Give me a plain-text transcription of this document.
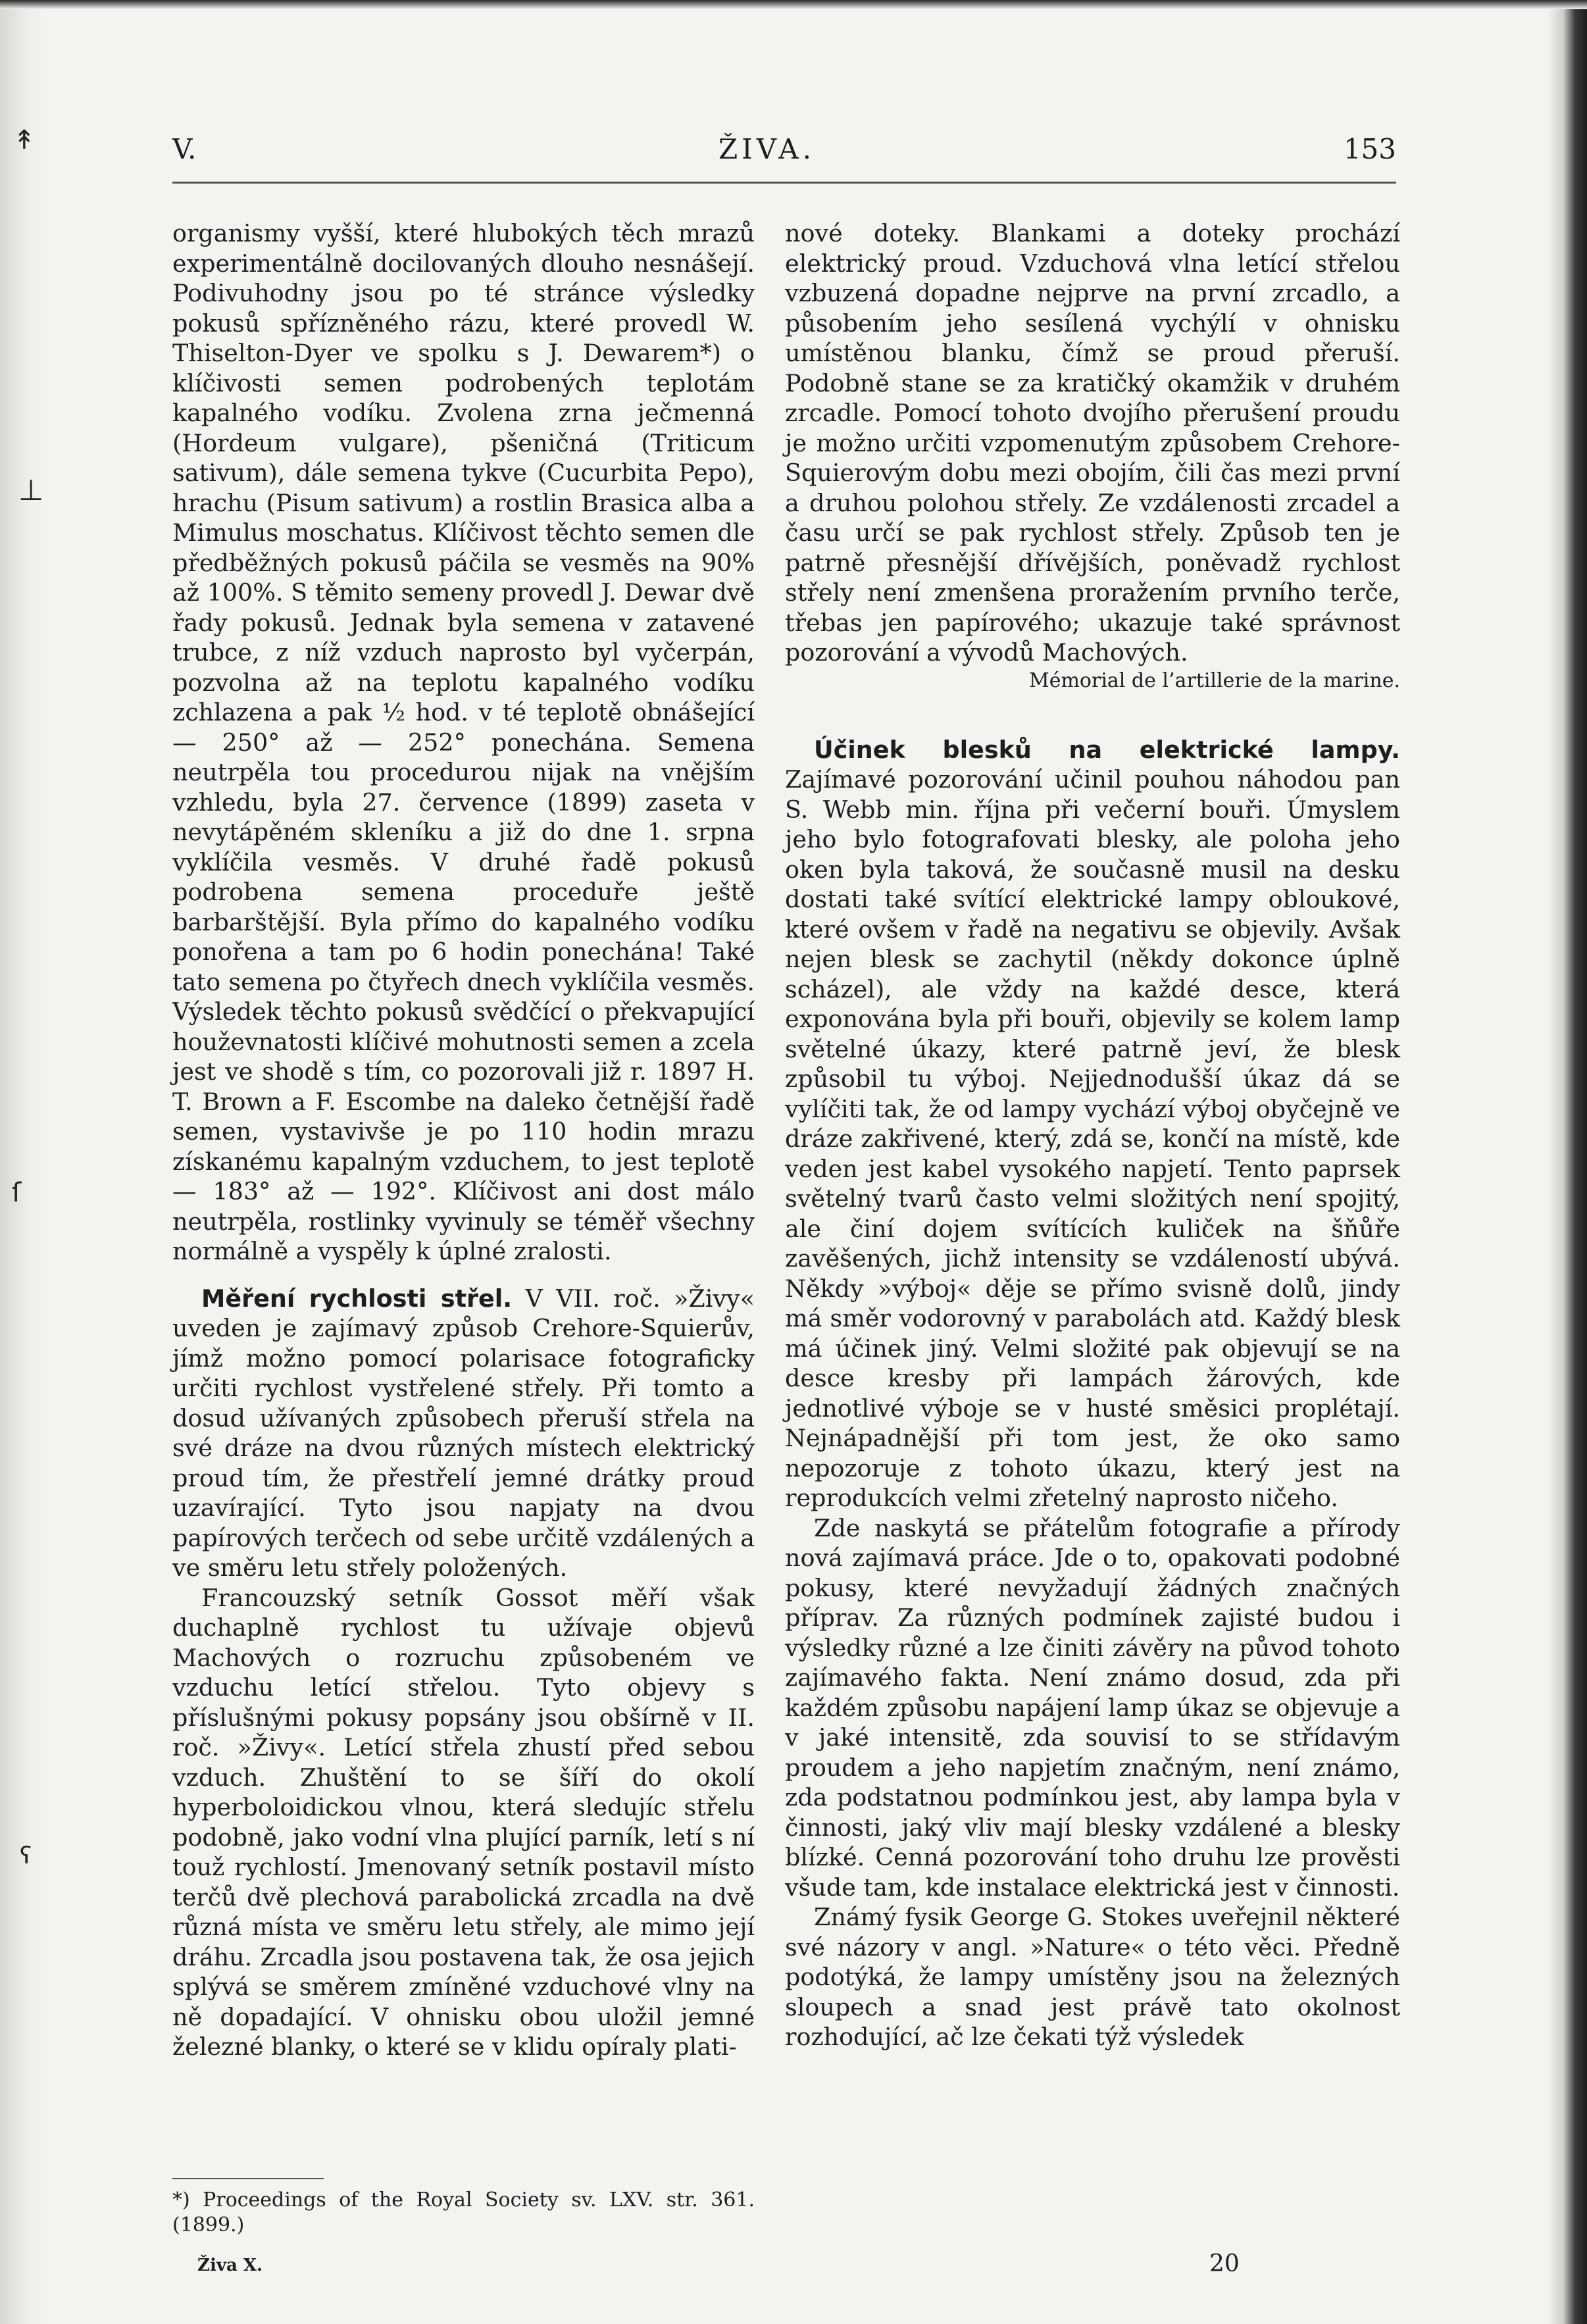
↟
⊥
ſ
ʕ
V.	ŽIVA.	153

organismy vyšší, které hlubokých těch mrazů experimentálně docilovaných dlouho nesnášejí. Podivuhodny jsou po té stránce výsledky pokusů spřízněného rázu, které provedl W. Thiselton-Dyer ve spolku s J. Dewarem*) o klíčivosti semen podrobených teplotám kapalného vodíku. Zvolena zrna ječmenná (Hordeum vulgare), pšeničná (Triticum sativum), dále semena tykve (Cucurbita Pepo), hrachu (Pisum sativum) a rostlin Brasica alba a Mimulus moschatus. Klíčivost těchto semen dle předběžných pokusů páčila se vesměs na 90% až 100%. S těmito semeny provedl J. Dewar dvě řady pokusů. Jednak byla semena v zatavené trubce, z níž vzduch naprosto byl vyčerpán, pozvolna až na teplotu kapalného vodíku zchlazena a pak ½ hod. v té teplotě obnášející — 250° až — 252° ponechána. Semena neutrpěla tou procedurou nijak na vnějším vzhledu, byla 27. července (1899) zaseta v nevytápěném skleníku a již do dne 1. srpna vyklíčila vesměs. V druhé řadě pokusů podrobena semena proceduře ještě barbarštější. Byla přímo do kapalného vodíku ponořena a tam po 6 hodin ponechána! Také tato semena po čtyřech dnech vyklíčila vesměs. Výsledek těchto pokusů svědčící o překvapující houževnatosti klíčivé mohutnosti semen a zcela jest ve shodě s tím, co pozorovali již r. 1897 H. T. Brown a F. Escombe na daleko četnější řadě semen, vystavivše je po 110 hodin mrazu získanému kapalným vzduchem, to jest teplotě — 183° až — 192°. Klíčivost ani dost málo neutrpěla, rostlinky vyvinuly se téměř všechny normálně a vyspěly k úplné zralosti.

Měření rychlosti střel. V VII. roč. »Živy« uveden je zajímavý způsob Crehore-Squierův, jímž možno pomocí polarisace fotograficky určiti rychlost vystřelené střely. Při tomto a dosud užívaných způsobech přeruší střela na své dráze na dvou různých místech elektrický proud tím, že přestřelí jemné drátky proud uzavírající. Tyto jsou napjaty na dvou papírových terčech od sebe určitě vzdálených a ve směru letu střely položených.

Francouzský setník Gossot měří však duchaplně rychlost tu užívaje objevů Machových o rozruchu způsobeném ve vzduchu letící střelou. Tyto objevy s příslušnými pokusy popsány jsou obšírně v II. roč. »Živy«. Letící střela zhustí před sebou vzduch. Zhuštění to se šíří do okolí hyperboloidickou vlnou, která sledujíc střelu podobně, jako vodní vlna plující parník, letí s ní touž rychlostí. Jmenovaný setník postavil místo terčů dvě plechová parabolická zrcadla na dvě různá místa ve směru letu střely, ale mimo její dráhu. Zrcadla jsou postavena tak, že osa jejich splývá se směrem zmíněné vzduchové vlny na ně dopadající. V ohnisku obou uložil jemné železné blanky, o které se v klidu opíraly plati-

nové doteky. Blankami a doteky prochází elektrický proud. Vzduchová vlna letící střelou vzbuzená dopadne nejprve na první zrcadlo, a působením jeho sesílená vychýlí v ohnisku umístěnou blanku, čímž se proud přeruší. Podobně stane se za kratičký okamžik v druhém zrcadle. Pomocí tohoto dvojího přerušení proudu je možno určiti vzpomenutým způsobem Crehore-Squierovým dobu mezi obojím, čili čas mezi první a druhou polohou střely. Ze vzdálenosti zrcadel a času určí se pak rychlost střely. Způsob ten je patrně přesnější dřívějších, poněvadž rychlost střely není zmenšena proražením prvního terče, třebas jen papírového; ukazuje také správnost pozorování a vývodů Machových.

Mémorial de l’artillerie de la marine.

Účinek blesků na elektrické lampy. Zajímavé pozorování učinil pouhou náhodou pan S. Webb min. října při večerní bouři. Úmyslem jeho bylo fotografovati blesky, ale poloha jeho oken byla taková, že současně musil na desku dostati také svítící elektrické lampy obloukové, které ovšem v řadě na negativu se objevily. Avšak nejen blesk se zachytil (někdy dokonce úplně scházel), ale vždy na každé desce, která exponována byla při bouři, objevily se kolem lamp světelné úkazy, které patrně jeví, že blesk způsobil tu výboj. Nejjednodušší úkaz dá se vylíčiti tak, že od lampy vychází výboj obyčejně ve dráze zakřivené, který, zdá se, končí na místě, kde veden jest kabel vysokého napjetí. Tento paprsek světelný tvarů často velmi složitých není spojitý, ale činí dojem svítících kuliček na šňůře zavěšených, jichž intensity se vzdáleností ubývá. Někdy »výboj« děje se přímo svisně dolů, jindy má směr vodorovný v parabolách atd. Každý blesk má účinek jiný. Velmi složité pak objevují se na desce kresby při lampách žárových, kde jednotlivé výboje se v husté směsici proplétají. Nejnápadnější při tom jest, že oko samo nepozoruje z tohoto úkazu, který jest na reprodukcích velmi zřetelný naprosto ničeho.

Zde naskytá se přátelům fotografie a přírody nová zajímavá práce. Jde o to, opakovati podobné pokusy, které nevyžadují žádných značných příprav. Za různých podmínek zajisté budou i výsledky různé a lze činiti závěry na původ tohoto zajímavého fakta. Není známo dosud, zda při každém způsobu napájení lamp úkaz se objevuje a v jaké intensitě, zda souvisí to se střídavým proudem a jeho napjetím značným, není známo, zda podstatnou podmínkou jest, aby lampa byla v činnosti, jaký vliv mají blesky vzdálené a blesky blízké. Cenná pozorování toho druhu lze prověsti všude tam, kde instalace elektrická jest v činnosti.

Známý fysik George G. Stokes uveřejnil některé své názory v angl. »Nature« o této věci. Předně podotýká, že lampy umístěny jsou na železných sloupech a snad jest právě tato okolnost rozhodující, ač lze čekati týž výsledek

*) Proceedings of the Royal Society sv. LXV. str. 361. (1899.)
Živa X.	20
